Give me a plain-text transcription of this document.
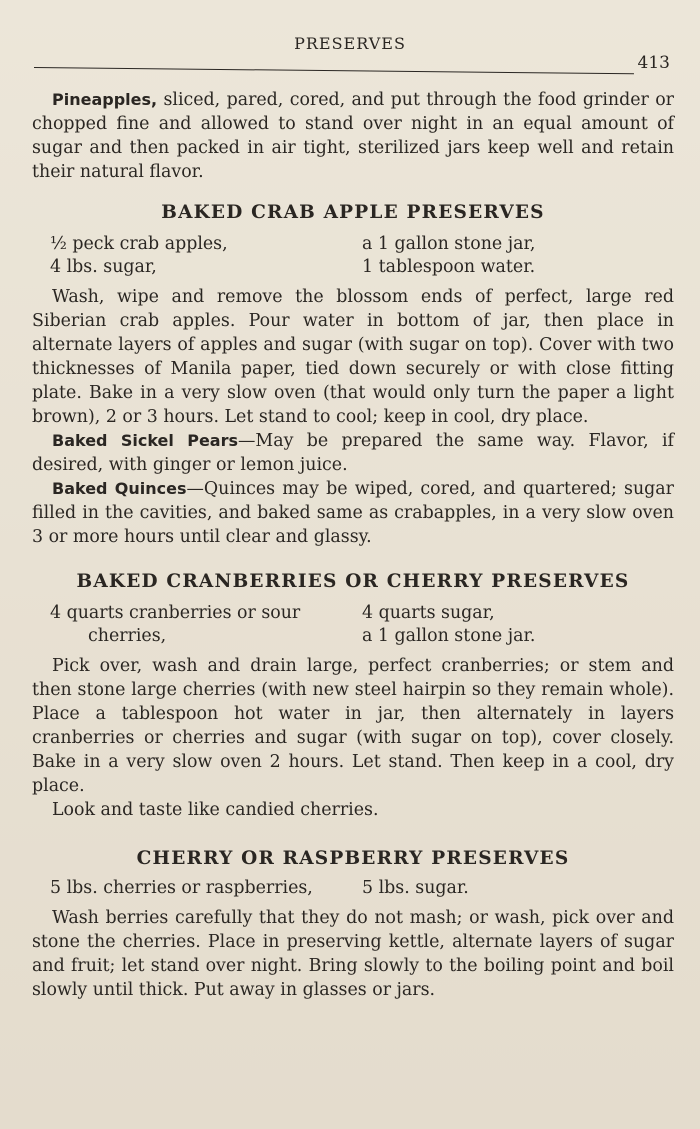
PRESERVES
413

Pineapples, sliced, pared, cored, and put through the food grinder or chopped fine and allowed to stand over night in an equal amount of sugar and then packed in air tight, sterilized jars keep well and retain their natural flavor.

BAKED CRAB APPLE PRESERVES
½ peck crab apples,	a 1 gallon stone jar,
4 lbs. sugar,	1 tablespoon water.

Wash, wipe and remove the blossom ends of perfect, large red Siberian crab apples. Pour water in bottom of jar, then place in alternate layers of apples and sugar (with sugar on top). Cover with two thicknesses of Manila paper, tied down securely or with close fitting plate. Bake in a very slow oven (that would only turn the paper a light brown), 2 or 3 hours. Let stand to cool; keep in cool, dry place.

Baked Sickel Pears—May be prepared the same way. Flavor, if desired, with ginger or lemon juice.

Baked Quinces—Quinces may be wiped, cored, and quartered; sugar filled in the cavities, and baked same as crabapples, in a very slow oven 3 or more hours until clear and glassy.

BAKED CRANBERRIES OR CHERRY PRESERVES
4 quarts cranberries or sour	4 quarts sugar,
cherries,	a 1 gallon stone jar.

Pick over, wash and drain large, perfect cranberries; or stem and then stone large cherries (with new steel hairpin so they remain whole). Place a tablespoon hot water in jar, then alternately in layers cranberries or cherries and sugar (with sugar on top), cover closely. Bake in a very slow oven 2 hours. Let stand. Then keep in a cool, dry place.

Look and taste like candied cherries.

CHERRY OR RASPBERRY PRESERVES
5 lbs. cherries or raspberries,	5 lbs. sugar.

Wash berries carefully that they do not mash; or wash, pick over and stone the cherries. Place in preserving kettle, alternate layers of sugar and fruit; let stand over night. Bring slowly to the boiling point and boil slowly until thick. Put away in glasses or jars.
